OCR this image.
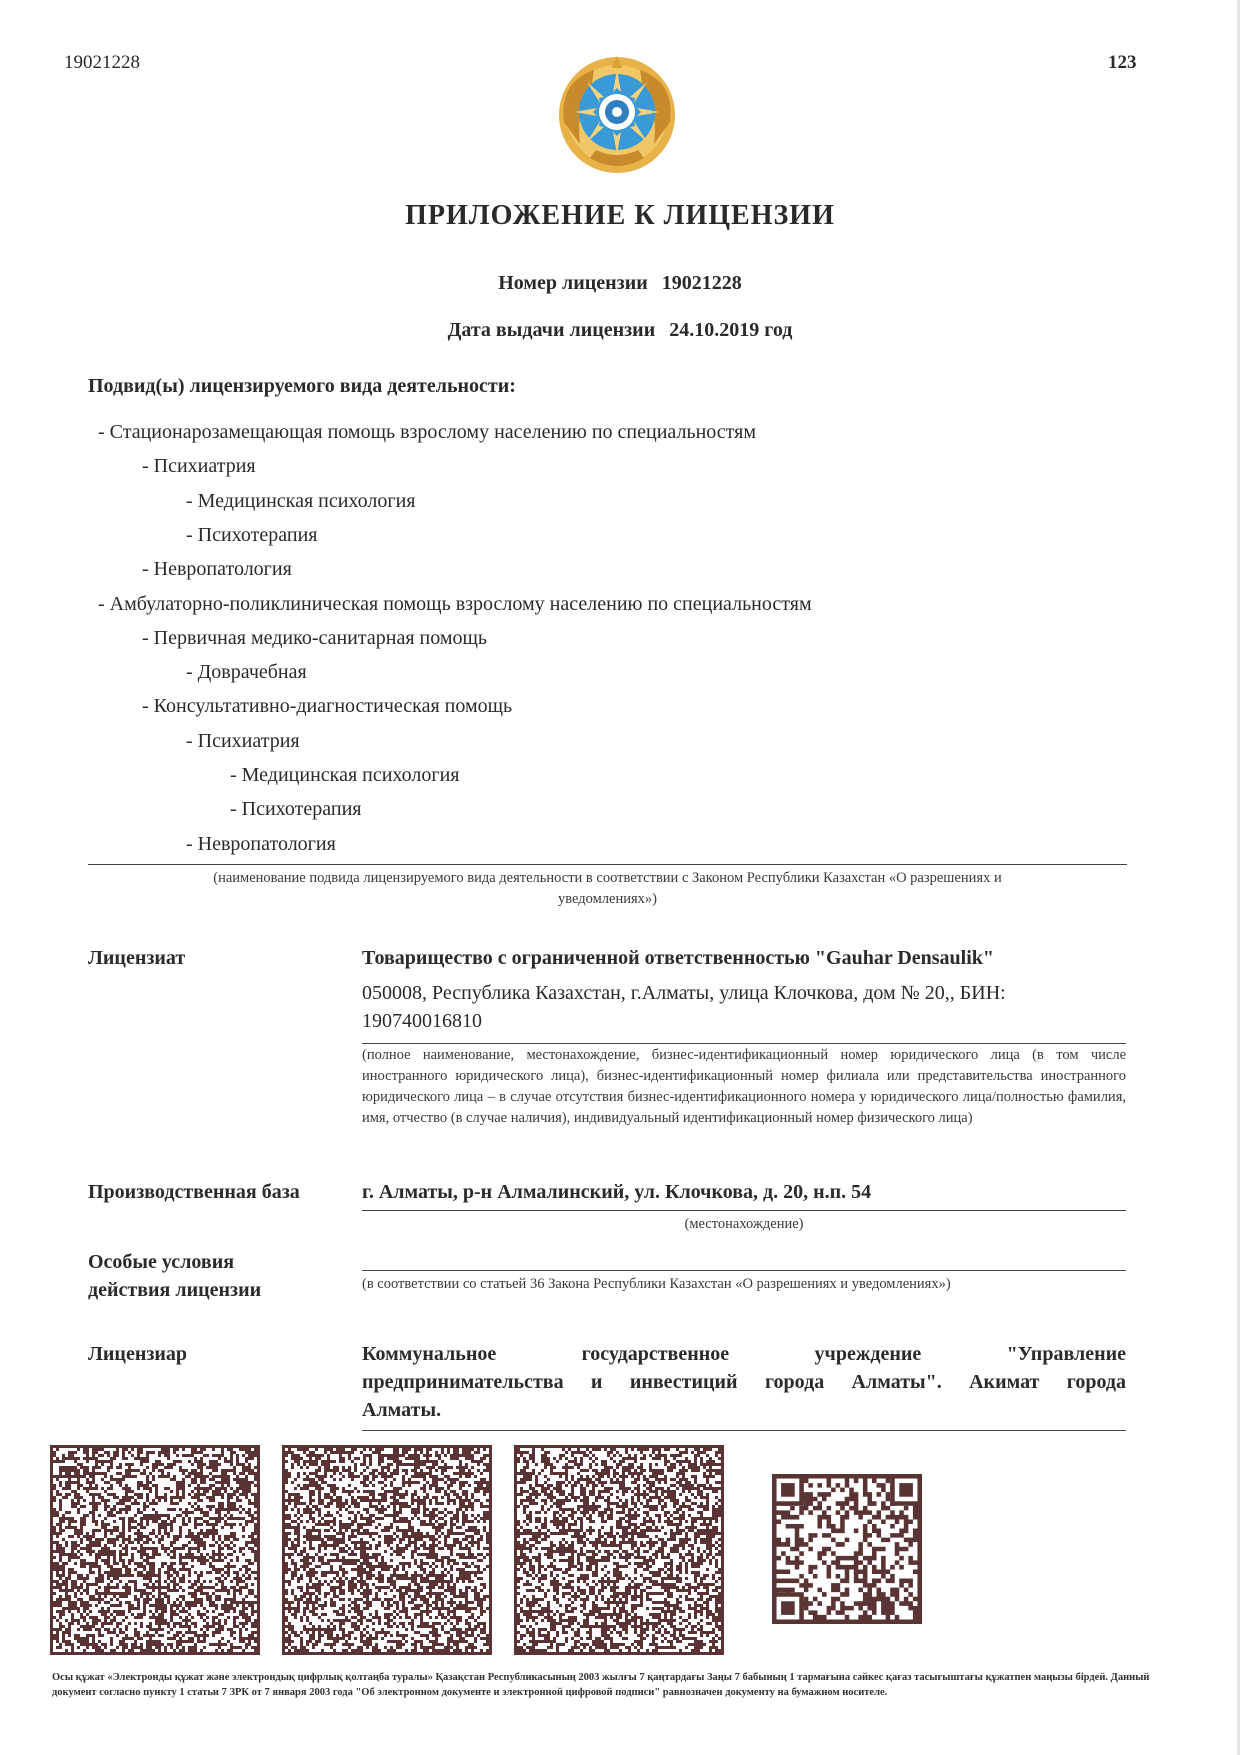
19021228	123
ПРИЛОЖЕНИЕ К ЛИЦЕНЗИИ
Номер лицензии 19021228
Дата выдачи лицензии 24.10.2019 год
Подвид(ы) лицензируемого вида деятельности:
- Стационарозамещающая помощь взрослому населению по специальностям
- Психиатрия
- Медицинская психология
- Психотерапия
- Невропатология
- Амбулаторно-поликлиническая помощь взрослому населению по специальностям
- Первичная медико-санитарная помощь
- Доврачебная
- Консультативно-диагностическая помощь
- Психиатрия
- Медицинская психология
- Психотерапия
- Невропатология
(наименование подвида лицензируемого вида деятельности в соответствии с Законом Республики Казахстан «О разрешениях и
уведомлениях»)
Лицензиат	Товарищество с ограниченной ответственностью "Gauhar Densaulik"
050008, Республика Казахстан, г.Алматы, улица Клочкова, дом № 20,, БИН: 190740016810
(полное наименование, местонахождение, бизнес-идентификационный номер юридического лица (в том числе иностранного юридического лица), бизнес-идентификационный номер филиала или представительства иностранного юридического лица – в случае отсутствия бизнес-идентификационного номера у юридического лица/полностью фамилия, имя, отчество (в случае наличия), индивидуальный идентификационный номер физического лица)
Производственная база	г. Алматы, р-н Алмалинский, ул. Клочкова, д. 20, н.п. 54
(местонахождение)
Особые условия
действия лицензии	(в соответствии со статьей 36 Закона Республики Казахстан «О разрешениях и уведомлениях»)
Лицензиар	Коммунальное государственное учреждение "Управление
предпринимательства и инвестиций города Алматы". Акимат города
Алматы.
Осы құжат «Электронды құжат және электрондық цифрлық қолтаңба туралы» Қазақстан Республикасының 2003 жылғы 7 қаңтардағы Заңы 7 бабының 1 тармағына сәйкес қағаз тасығыштағы құжатпен маңызы бірдей. Данный документ согласно пункту 1 статьи 7 ЗРК от 7 января 2003 года "Об электронном документе и электронной цифровой подписи" равнозначен документу на бумажном носителе.
